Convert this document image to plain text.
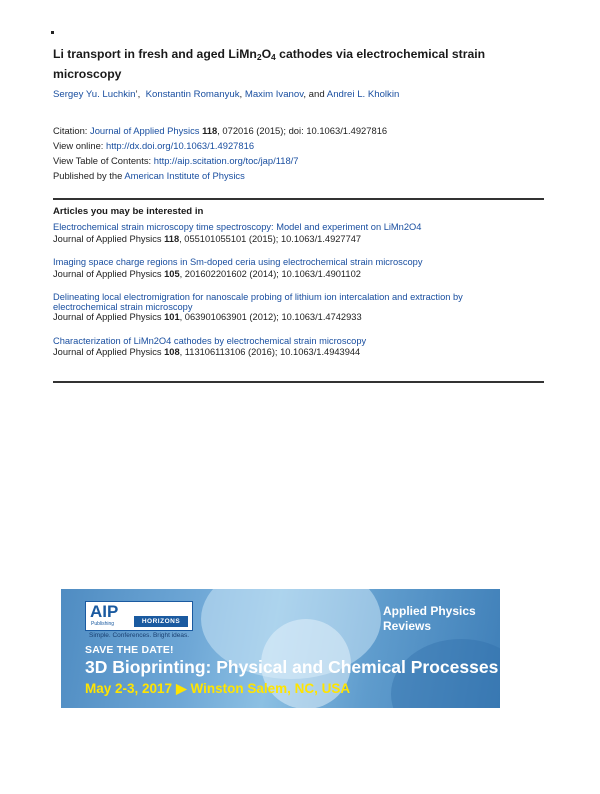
Li transport in fresh and aged $LiMn_2O_4$ cathodes via electrochemical strain microscopy
Sergey Yu. Luchkin’,  Konstantin Romanyuk, Maxim Ivanov, and Andrei L. Kholkin
Citation: Journal of Applied Physics 118, 072016 (2015); doi: 10.1063/1.4927816
View online: http://dx.doi.org/10.1063/1.4927816
View Table of Contents: http://aip.scitation.org/toc/jap/118/7
Published by the American Institute of Physics
Articles you may be interested in
Electrochemical strain microscopy time spectroscopy: Model and experiment on LiMn2O4
Journal of Applied Physics 118, 055101055101 (2015); 10.1063/1.4927747
Imaging space charge regions in Sm-doped ceria using electrochemical strain microscopy
Journal of Applied Physics 105, 201602201602 (2014); 10.1063/1.4901102
Delineating local electromigration for nanoscale probing of lithium ion intercalation and extraction by electrochemical strain microscopy
Journal of Applied Physics 101, 063901063901 (2012); 10.1063/1.4742933
Characterization of LiMn2O4 cathodes by electrochemical strain microscopy
Journal of Applied Physics 108, 113106113106 (2016); 10.1063/1.4943944
AIP
Publishing	HORIZONS
Simple. Conferences. Bright ideas.
Applied Physics
Reviews
SAVE THE DATE!
3D Bioprinting: Physical and Chemical Processes
May 2-3, 2017 ▶ Winston Salem, NC, USA
